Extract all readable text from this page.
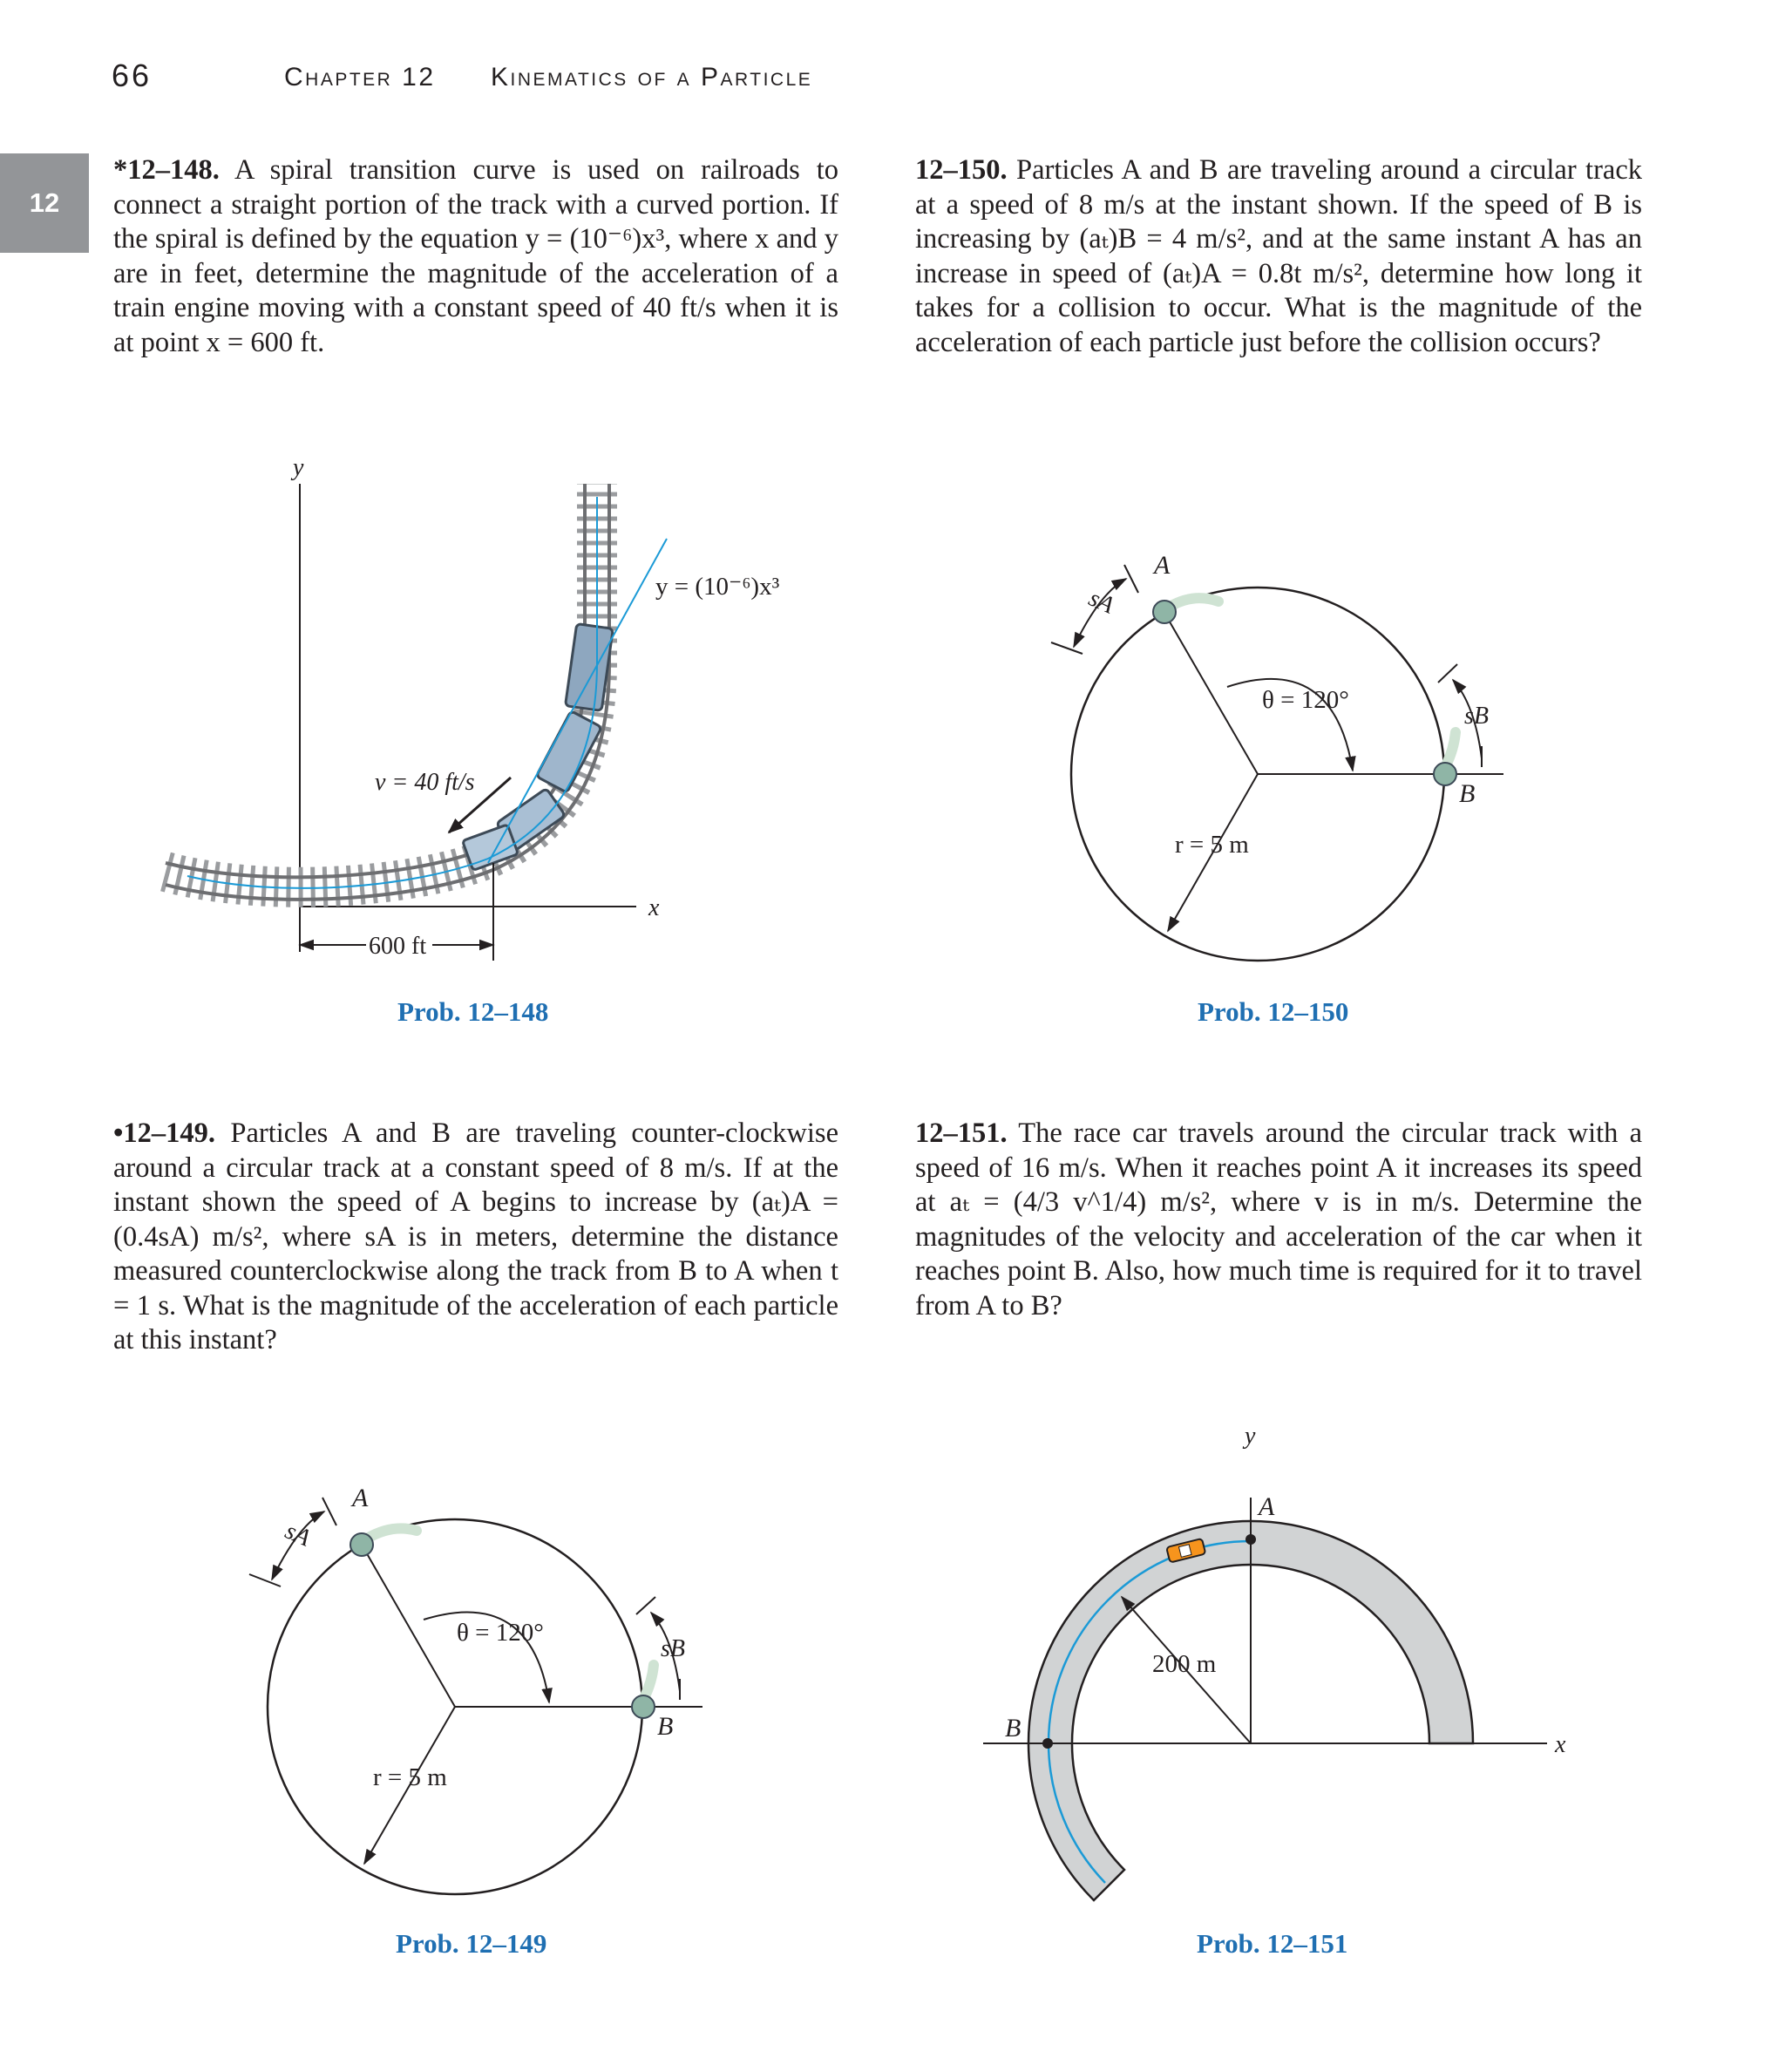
66	Chapter 12 Kinematics of a Particle
12
*12–148. A spiral transition curve is used on railroads to connect a straight portion of the track with a curved portion. If the spiral is defined by the equation y = (10⁻⁶)x³, where x and y are in feet, determine the magnitude of the acceleration of a train engine moving with a constant speed of 40 ft/s when it is at point x = 600 ft.
12–150. Particles A and B are traveling around a circular track at a speed of 8 m/s at the instant shown. If the speed of B is increasing by (aₜ)B = 4 m/s², and at the same instant A has an increase in speed of (aₜ)A = 0.8t m/s², determine how long it takes for a collision to occur. What is the magnitude of the acceleration of each particle just before the collision occurs?
•12–149. Particles A and B are traveling counter-clockwise around a circular track at a constant speed of 8 m/s. If at the instant shown the speed of A begins to increase by (aₜ)A =(0.4sA) m/s², where sA is in meters, determine the distance measured counterclockwise along the track from B to A when t = 1 s. What is the magnitude of the acceleration of each particle at this instant?
12–151. The race car travels around the circular track with a speed of 16 m/s. When it reaches point A it increases its speed at aₜ = (4/3 v^1/4) m/s², where v is in m/s. Determine the magnitudes of the velocity and acceleration of the car when it reaches point B. Also, how much time is required for it to travel from A to B?
Prob. 12–148	Prob. 12–150
Prob. 12–149	Prob. 12–151
y
x
y = (10⁻⁶)x³
v = 40 ft/s
600 ft
θ = 120°
r = 5 m
A
sA
B
sB
θ = 120°
r = 5 m
A
sA
B
sB
y
x
A
B
200 m
